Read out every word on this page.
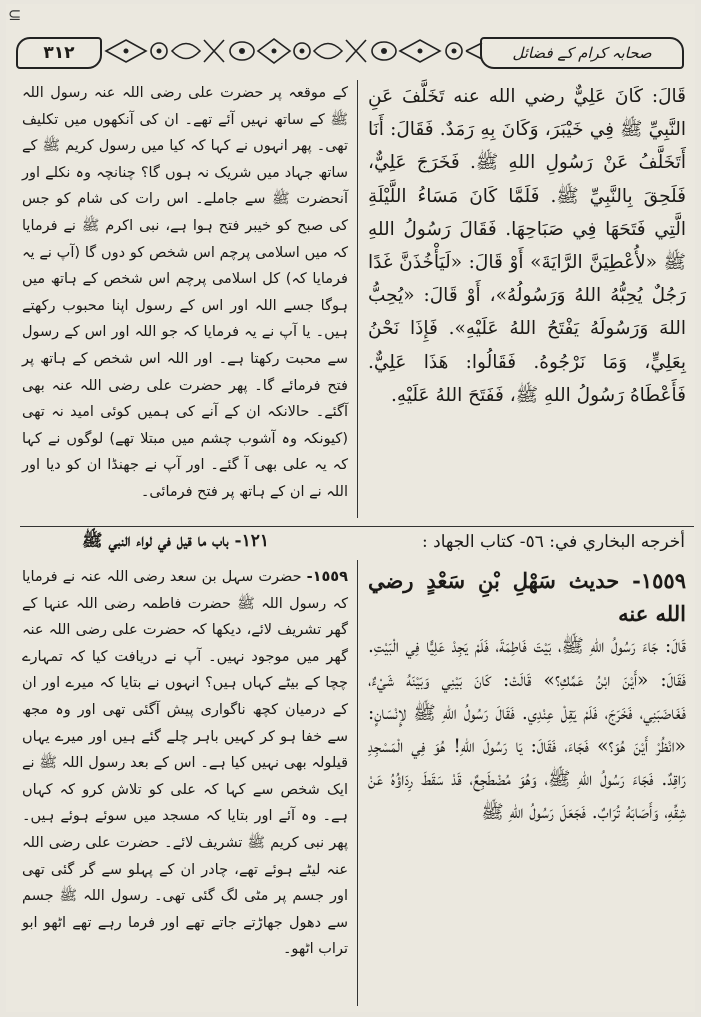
⊆
٣١٢	صحابہ کرام کے فضائل

قَالَ: كَانَ عَلِيٌّ رضي الله عنه تَخَلَّفَ عَنِ النَّبِيِّ ﷺ فِي خَيْبَرَ، وَكَانَ بِهِ رَمَدٌ. فَقَالَ: أَنَا أَتَخَلَّفُ عَنْ رَسُولِ اللهِ ﷺ. فَخَرَجَ عَلِيٌّ، فَلَحِقَ بِالنَّبِيِّ ﷺ. فَلَمَّا كَانَ مَسَاءُ اللَّيْلَةِ الَّتِي فَتَحَهَا فِي صَبَاحِهَا. فَقَالَ رَسُولُ اللهِ ﷺ «لأُعْطِيَنَّ الرَّايَةَ» أَوْ قَالَ: «لَيَأْخُذَنَّ غَدًا رَجُلٌ يُحِبُّهُ اللهُ وَرَسُولُهُ»، أَوْ قَالَ: «يُحِبُّ اللهَ وَرَسُولَهُ يَفْتَحُ اللهُ عَلَيْهِ». فَإِذَا نَحْنُ بِعَلِيٍّ، وَمَا نَرْجُوهُ. فَقَالُوا: هَذَا عَلِيٌّ. فَأَعْطَاهُ رَسُولُ اللهِ ﷺ، فَفَتَحَ اللهُ عَلَيْهِ.

کے موقعہ پر حضرت علی رضی اللہ عنہ رسول اللہ ﷺ کے ساتھ نہیں آئے تھے۔ ان کی آنکھوں میں تکلیف تھی۔ پھر انہوں نے کہا کہ کیا میں رسول کریم ﷺ کے ساتھ جہاد میں شریک نہ ہوں گا؟ چنانچہ وہ نکلے اور آنحضرت ﷺ سے جاملے۔ اس رات کی شام کو جس کی صبح کو خیبر فتح ہوا ہے، نبی اکرم ﷺ نے فرمایا کہ میں اسلامی پرچم اس شخص کو دوں گا (آپ نے یہ فرمایا کہ) کل اسلامی پرچم اس شخص کے ہاتھ میں ہوگا جسے اللہ اور اس کے رسول اپنا محبوب رکھتے ہیں۔ یا آپ نے یہ فرمایا کہ جو اللہ اور اس کے رسول سے محبت رکھتا ہے۔ اور اللہ اس شخص کے ہاتھ پر فتح فرمائے گا۔ پھر حضرت علی رضی اللہ عنہ بھی آگئے۔ حالانکہ ان کے آنے کی ہمیں کوئی امید نہ تھی (کیونکہ وہ آشوب چشم میں مبتلا تھے) لوگوں نے کہا کہ یہ علی بھی آ گئے۔ اور آپ نے جھنڈا ان کو دیا اور اللہ نے ان کے ہاتھ پر فتح فرمائی۔

أخرجه البخاري في: ٥٦- كتاب الجهاد :
١٢١- باب ما قيل في لواء النبي ﷺ
١٥٥٩- حديث سَهْلِ بْنِ سَعْدٍ رضي الله عنه

قَالَ: جَاءَ رَسُولُ اللهِ ﷺ، بَيْتَ فَاطِمَةَ، فَلَمْ يَجِدْ عَلِيًّا فِي الْبَيْتِ. فَقَالَ: «أَيْنَ ابْنُ عَمِّكِ؟» قَالَتْ: كَانَ بَيْنِي وَبَيْنَهُ شَيْءٌ، فَغَاضَبَنِي، فَخَرَجَ، فَلَمْ يَقِلْ عِنْدِي. فَقَالَ رَسُولُ اللهِ ﷺ لإِنْسَانٍ: «انْظُرْ أَيْنَ هُوَ؟» فَجَاءَ، فَقَالَ: يَا رَسُولَ اللهِ! هُوَ فِي الْمَسْجِدِ رَاقِدٌ. فَجَاءَ رَسُولُ اللهِ ﷺ، وَهُوَ مُضْطَجِعٌ، قَدْ سَقَطَ رِدَاؤُهُ عَنْ شِقِّهِ، وَأَصَابَهُ تُرَابٌ. فَجَعَلَ رَسُولُ اللهِ ﷺ

١٥٥٩- حضرت سہل بن سعد رضی اللہ عنہ نے فرمایا کہ رسول اللہ ﷺ حضرت فاطمہ رضی اللہ عنہا کے گھر تشریف لائے، دیکھا کہ حضرت علی رضی اللہ عنہ گھر میں موجود نہیں۔ آپ نے دریافت کیا کہ تمہارے چچا کے بیٹے کہاں ہیں؟ انہوں نے بتایا کہ میرے اور ان کے درمیان کچھ ناگواری پیش آگئی تھی اور وہ مجھ سے خفا ہو کر کہیں باہر چلے گئے ہیں اور میرے یہاں قیلولہ بھی نہیں کیا ہے۔ اس کے بعد رسول اللہ ﷺ نے ایک شخص سے کہا کہ علی کو تلاش کرو کہ کہاں ہے۔ وہ آئے اور بتایا کہ مسجد میں سوئے ہوئے ہیں۔ پھر نبی کریم ﷺ تشریف لائے۔ حضرت علی رضی اللہ عنہ لیٹے ہوئے تھے، چادر ان کے پہلو سے گر گئی تھی اور جسم پر مٹی لگ گئی تھی۔ رسول اللہ ﷺ جسم سے دھول جھاڑتے جاتے تھے اور فرما رہے تھے اٹھو ابو تراب اٹھو۔
